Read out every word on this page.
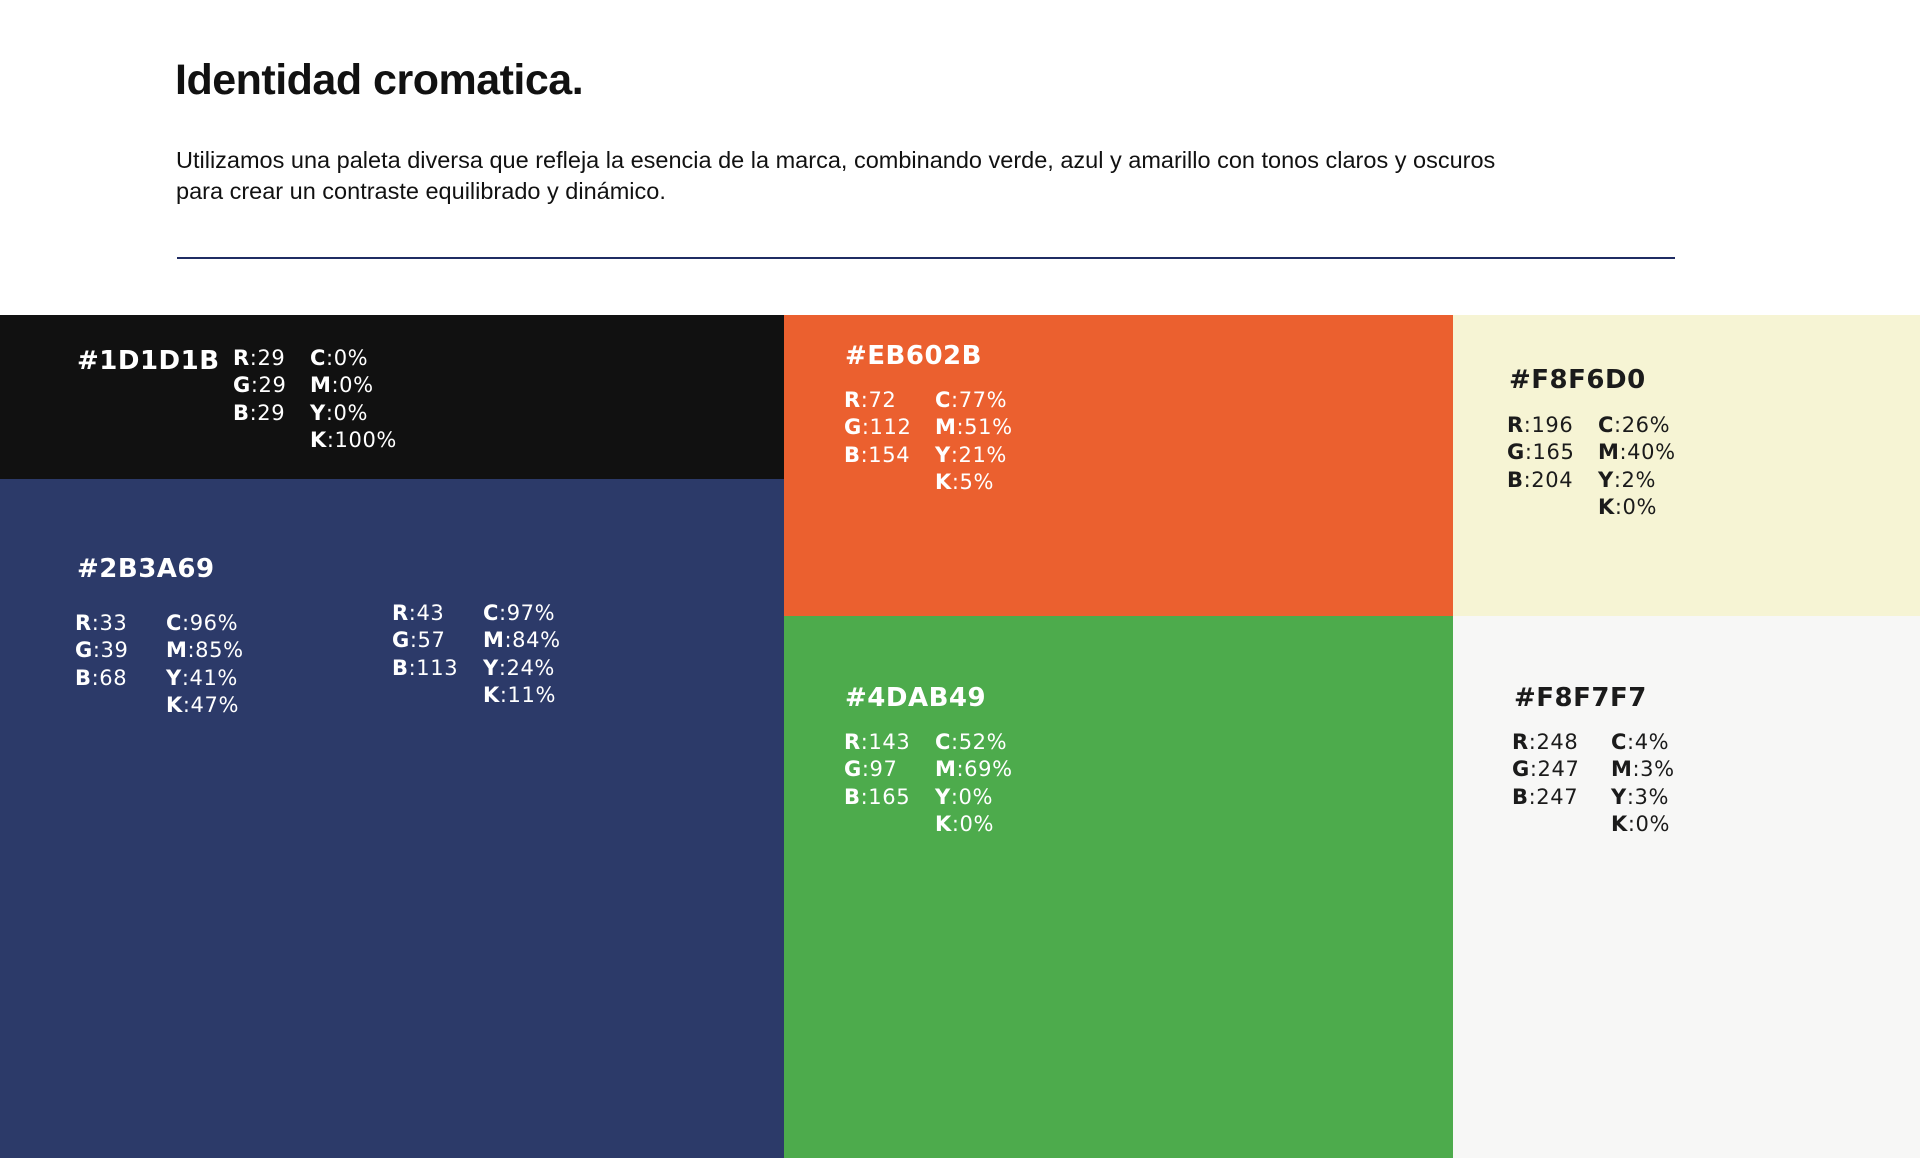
Identidad cromatica.

Utilizamos una paleta diversa que refleja la esencia de la marca, combinando verde, azul y amarillo con tonos claros y oscuros para crear un contraste equilibrado y dinámico.

#1D1D1B R:29
G:29
B:29
C:0%
M:0%
Y:0%
K:100%
#2B3A69
R:33
G:39
B:68
C:96%
M:85%
Y:41%
K:47%
R:43
G:57
B:113
C:97%
M:84%
Y:24%
K:11%
#EB602B
R:72
G:112
B:154
C:77%
M:51%
Y:21%
K:5%
#4DAB49
R:143
G:97
B:165
C:52%
M:69%
Y:0%
K:0%
#F8F6D0
R:196
G:165
B:204
C:26%
M:40%
Y:2%
K:0%
#F8F7F7
R:248
G:247
B:247
C:4%
M:3%
Y:3%
K:0%
